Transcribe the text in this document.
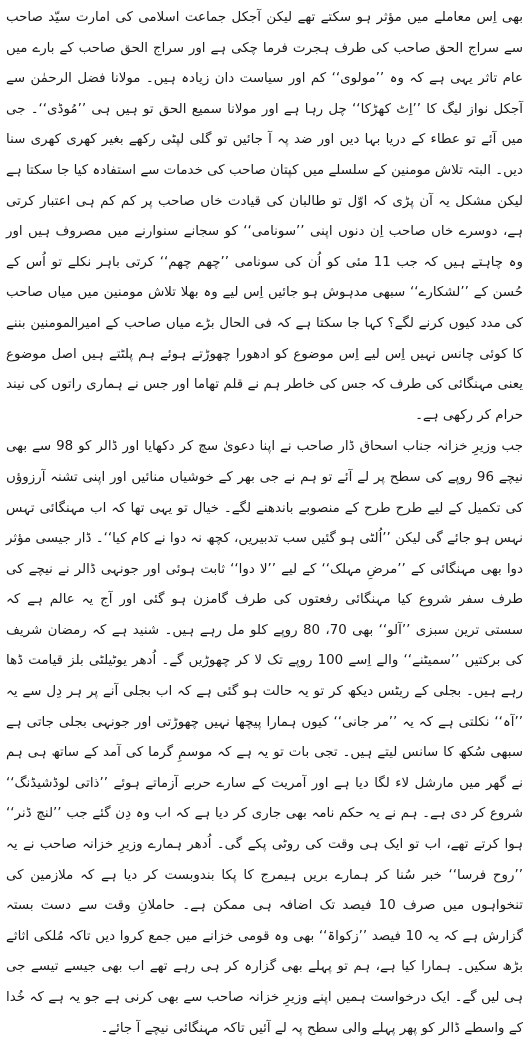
بھی اِس معاملے میں مؤثر ہو سکتے تھے لیکن آجکل جماعت اسلامی کی امارت سیّد صاحب سے سراج الحق صاحب کی طرف ہجرت فرما چکی ہے اور سراج الحق صاحب کے بارے میں عام تاثر یہی ہے کہ وہ ’’مولوی‘‘ کم اور سیاست دان زیادہ ہیں۔ مولانا فضل الرحمٰن سے آجکل نواز لیگ کا ’’اِٹ کھڑکا‘‘ چل رہا ہے اور مولانا سمیع الحق تو ہیں ہی ’’مُوڈی‘‘۔ جی میں آئے تو عطاء کے دریا بہا دیں اور ضد پہ آ جائیں تو گلی لپٹی رکھے بغیر کھری کھری سنا دیں۔ البتہ تلاش مومنین کے سلسلے میں کپتان صاحب کی خدمات سے استفادہ کیا جا سکتا ہے لیکن مشکل یہ آن پڑی کہ اوّل تو طالبان کی قیادت خاں صاحب پر کم کم ہی اعتبار کرتی ہے، دوسرے خاں صاحب اِن دنوں اپنی ’’سونامی‘‘ کو سجانے سنوارنے میں مصروف ہیں اور وہ چاہتے ہیں کہ جب 11 مئی کو اُن کی سونامی ’’چھم چھم‘‘ کرتی باہر نکلے تو اُس کے حُسن کے ’’لشکارے‘‘ سبھی مدہوش ہو جائیں اِس لیے وہ بھلا تلاش مومنین میں میاں صاحب کی مدد کیوں کرنے لگے؟ کہا جا سکتا ہے کہ فی الحال بڑے میاں صاحب کے امیرالمومنین بننے کا کوئی چانس نہیں اِس لیے اِس موضوع کو ادھورا چھوڑتے ہوئے ہم پلٹتے ہیں اصل موضوع یعنی مہنگائی کی طرف کہ جس کی خاطر ہم نے قلم تھاما اور جس نے ہماری راتوں کی نیند حرام کر رکھی ہے۔

جب وزیرِ خزانہ جناب اسحاق ڈار صاحب نے اپنا دعویٰ سچ کر دکھایا اور ڈالر کو 98 سے بھی نیچے 96 روپے کی سطح پر لے آئے تو ہم نے جی بھر کے خوشیاں منائیں اور اپنی تشنہ آرزوؤں کی تکمیل کے لیے طرح طرح کے منصوبے باندھنے لگے۔ خیال تو یہی تھا کہ اب مہنگائی تہس نہس ہو جائے گی لیکن ’’اُلٹی ہو گئیں سب تدبیریں، کچھ نہ دوا نے کام کیا‘‘۔ ڈار جیسی مؤثر دوا بھی مہنگائی کے ’’مرضِ مہلک‘‘ کے لیے ’’لا دوا‘‘ ثابت ہوئی اور جونہی ڈالر نے نیچے کی طرف سفر شروع کیا مہنگائی رفعتوں کی طرف گامزن ہو گئی اور آج یہ عالم ہے کہ سستی ترین سبزی ’’آلو‘‘ بھی 70، 80 روپے کلو مل رہے ہیں۔ شنید ہے کہ رمضان شریف کی برکتیں ’’سمیٹنے‘‘ والے اِسے 100 روپے تک لا کر چھوڑیں گے۔ اُدھر یوٹیلٹی بلز قیامت ڈھا رہے ہیں۔ بجلی کے ریٹس دیکھ کر تو یہ حالت ہو گئی ہے کہ اب بجلی آنے پر ہر دِل سے یہ ’’آہ‘‘ نکلتی ہے کہ یہ ’’مر جانی‘‘ کیوں ہمارا پیچھا نہیں چھوڑتی اور جونہی بجلی جاتی ہے سبھی سُکھ کا سانس لیتے ہیں۔ تجی بات تو یہ ہے کہ موسمِ گرما کی آمد کے ساتھ ہی ہم نے گھر میں مارشل لاء لگا دیا ہے اور آمریت کے سارے حربے آزماتے ہوئے ’’ذاتی لوڈشیڈنگ‘‘ شروع کر دی ہے۔ ہم نے یہ حکم نامہ بھی جاری کر دیا ہے کہ اب وہ دِن گئے جب ’’لنچ ڈنر‘‘ ہوا کرتے تھے، اب تو ایک ہی وقت کی روٹی پکے گی۔ اُدھر ہمارے وزیرِ خزانہ صاحب نے یہ ’’روح فرسا‘‘ خبر سُنا کر ہمارے بریں ہیمرج کا پکا بندوبست کر دیا ہے کہ ملازمین کی تنخواہوں میں صرف 10 فیصد تک اضافہ ہی ممکن ہے۔ حاملانِ وقت سے دست بستہ گزارش ہے کہ یہ 10 فیصد ’’زکواۃ‘‘ بھی وہ قومی خزانے میں جمع کروا دیں تاکہ مُلکی اثاثے بڑھ سکیں۔ ہمارا کیا ہے، ہم تو پہلے بھی گزارہ کر ہی رہے تھے اب بھی جیسے تیسے جی ہی لیں گے۔ ایک درخواست ہمیں اپنے وزیرِ خزانہ صاحب سے بھی کرنی ہے جو یہ ہے کہ خُدا کے واسطے ڈالر کو پھر پہلے والی سطح پہ لے آئیں تاکہ مہنگائی نیچے آ جائے۔
